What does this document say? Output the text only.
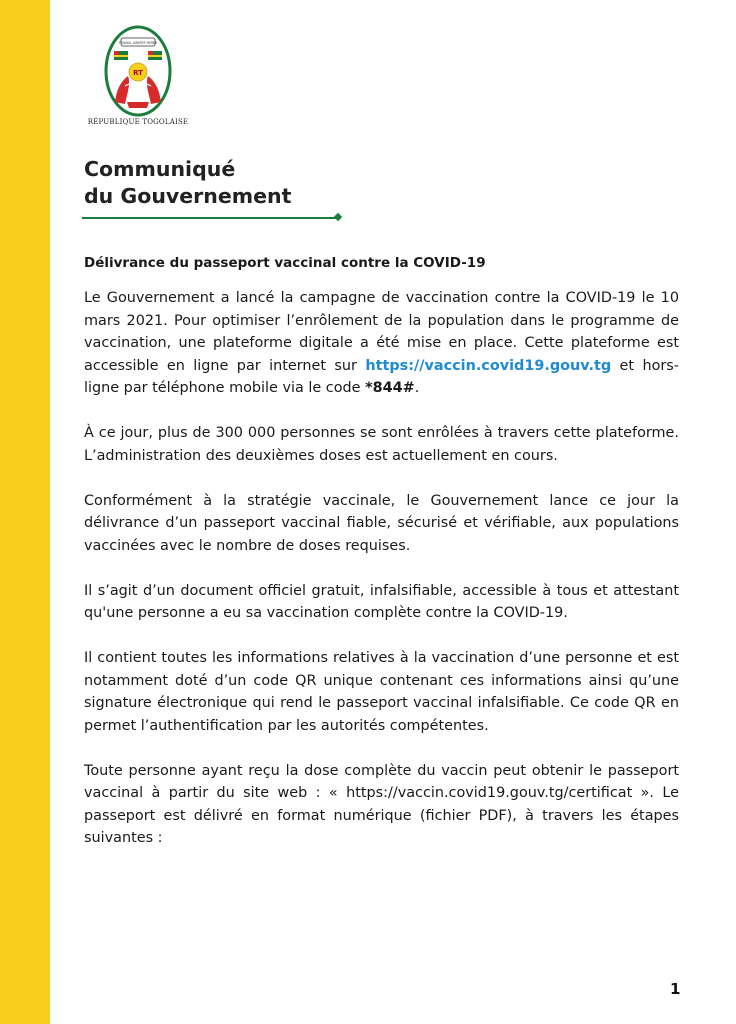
TRAVAIL LIBERTÉ PATRIE
RT
RÉPUBLIQUE TOGOLAISE
Communiqué
du Gouvernement
Délivrance du passeport vaccinal contre la COVID-19

Le Gouvernement a lancé la campagne de vaccination contre la COVID-19 le 10 mars 2021. Pour optimiser l’enrôlement de la population dans le programme de vaccination, une plateforme digitale a été mise en place. Cette plateforme est accessible en ligne par internet sur https://vaccin.covid19.gouv.tg et hors-ligne par téléphone mobile via le code *844#.

À ce jour, plus de 300 000 personnes se sont enrôlées à travers cette plateforme. L’administration des deuxièmes doses est actuellement en cours.

Conformément à la stratégie vaccinale, le Gouvernement lance ce jour la délivrance d’un passeport vaccinal fiable, sécurisé et vérifiable, aux populations vaccinées avec le nombre de doses requises.

Il s’agit d’un document officiel gratuit, infalsifiable, accessible à tous et attestant qu'une personne a eu sa vaccination complète contre la COVID-19.

Il contient toutes les informations relatives à la vaccination d’une personne et est notamment doté d’un code QR unique contenant ces informations ainsi qu’une signature électronique qui rend le passeport vaccinal infalsifiable. Ce code QR en permet l’authentification par les autorités compétentes.

Toute personne ayant reçu la dose complète du vaccin peut obtenir le passeport vaccinal à partir du site web : « https://vaccin.covid19.gouv.tg/certificat ». Le passeport est délivré en format numérique (fichier PDF), à travers les étapes suivantes :

1
